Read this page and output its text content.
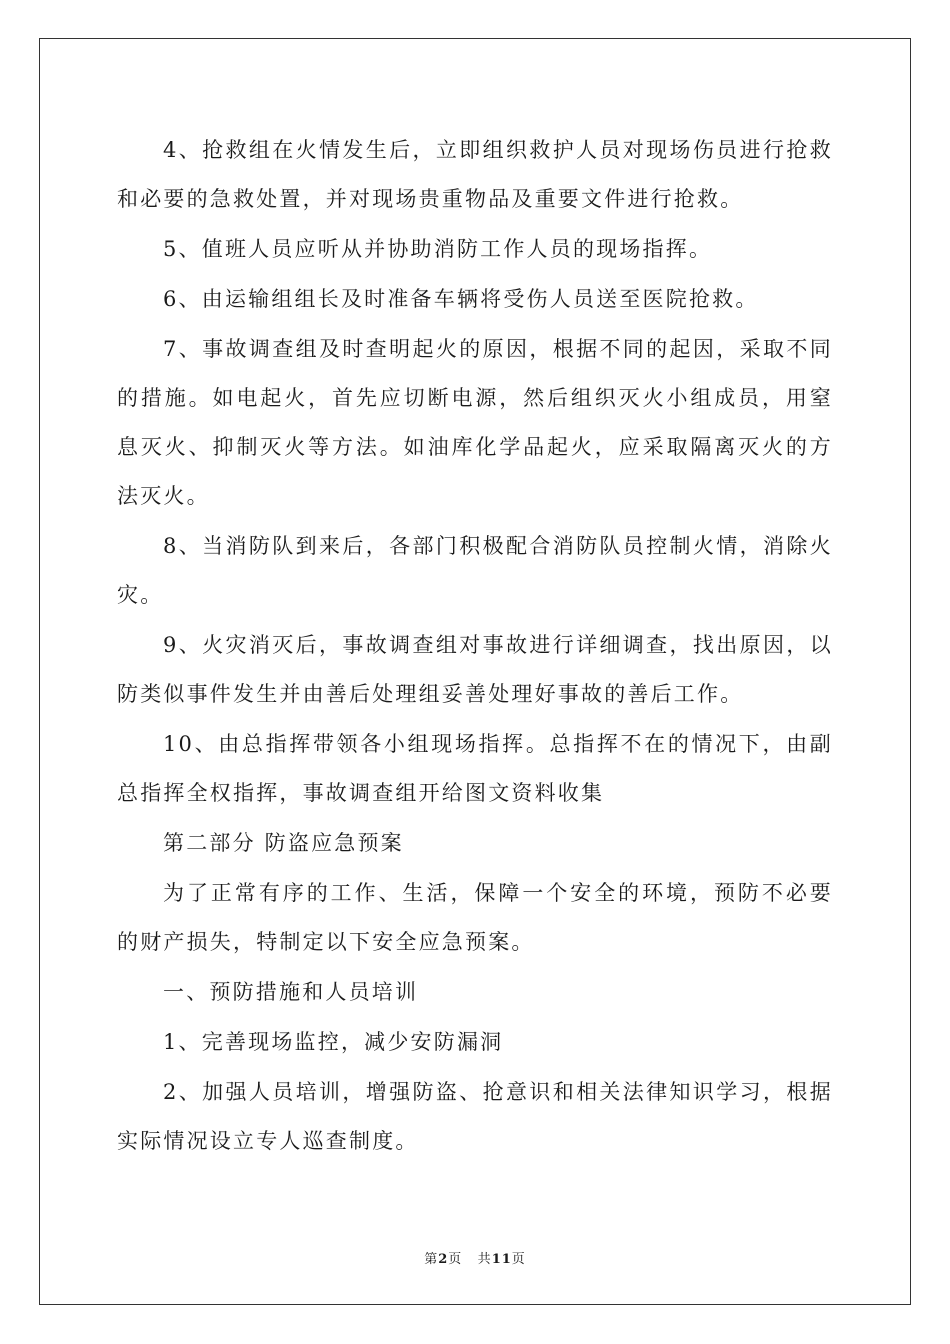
4、抢救组在火情发生后，立即组织救护人员对现场伤员进行抢救和必要的急救处置，并对现场贵重物品及重要文件进行抢救。

5、值班人员应听从并协助消防工作人员的现场指挥。

6、由运输组组长及时准备车辆将受伤人员送至医院抢救。

7、事故调查组及时查明起火的原因，根据不同的起因，采取不同的措施。如电起火，首先应切断电源，然后组织灭火小组成员，用窒息灭火、抑制灭火等方法。如油库化学品起火，应采取隔离灭火的方法灭火。

8、当消防队到来后，各部门积极配合消防队员控制火情，消除火灾。

9、火灾消灭后，事故调查组对事故进行详细调查，找出原因，以防类似事件发生并由善后处理组妥善处理好事故的善后工作。

10、由总指挥带领各小组现场指挥。总指挥不在的情况下，由副总指挥全权指挥，事故调查组开给图文资料收集

第二部分 防盗应急预案

为了正常有序的工作、生活，保障一个安全的环境，预防不必要的财产损失，特制定以下安全应急预案。

一、预防措施和人员培训

1、完善现场监控，减少安防漏洞

2、加强人员培训，增强防盗、抢意识和相关法律知识学习，根据实际情况设立专人巡查制度。

第2页 共11页
